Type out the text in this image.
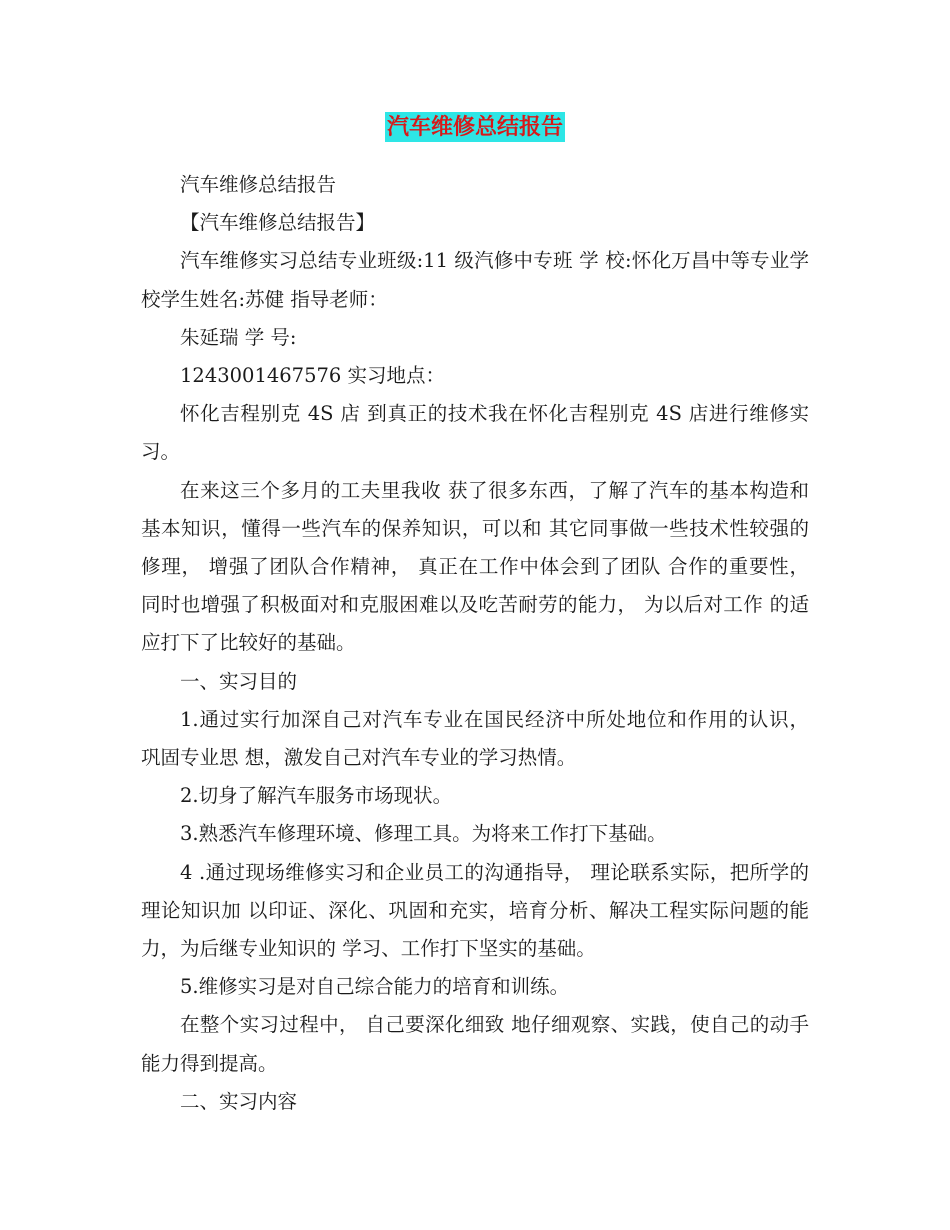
汽车维修总结报告

汽车维修总结报告

【汽车维修总结报告】

汽车维修实习总结专业班级:11 级汽修中专班 学 校:怀化万昌中等专业学校学生姓名:苏健 指导老师：

朱延瑞 学 号:

1243001467576 实习地点：

怀化吉程别克 4S 店 到真正的技术我在怀化吉程别克 4S 店进行维修实习。

在来这三个多月的工夫里我收 获了很多东西，了解了汽车的基本构造和基本知识，懂得一些汽车的保养知识，可以和 其它同事做一些技术性较强的修理， 增强了团队合作精神， 真正在工作中体会到了团队 合作的重要性， 同时也增强了积极面对和克服困难以及吃苦耐劳的能力， 为以后对工作 的适应打下了比较好的基础。

一、实习目的

1.通过实行加深自己对汽车专业在国民经济中所处地位和作用的认识， 巩固专业思 想，激发自己对汽车专业的学习热情。

2.切身了解汽车服务市场现状。

3.熟悉汽车修理环境、修理工具。为将来工作打下基础。

4 .通过现场维修实习和企业员工的沟通指导， 理论联系实际，把所学的理论知识加 以印证、深化、巩固和充实，培育分析、解决工程实际问题的能力，为后继专业知识的 学习、工作打下坚实的基础。

5.维修实习是对自己综合能力的培育和训练。

在整个实习过程中， 自己要深化细致 地仔细观察、实践，使自己的动手能力得到提高。

二、实习内容
